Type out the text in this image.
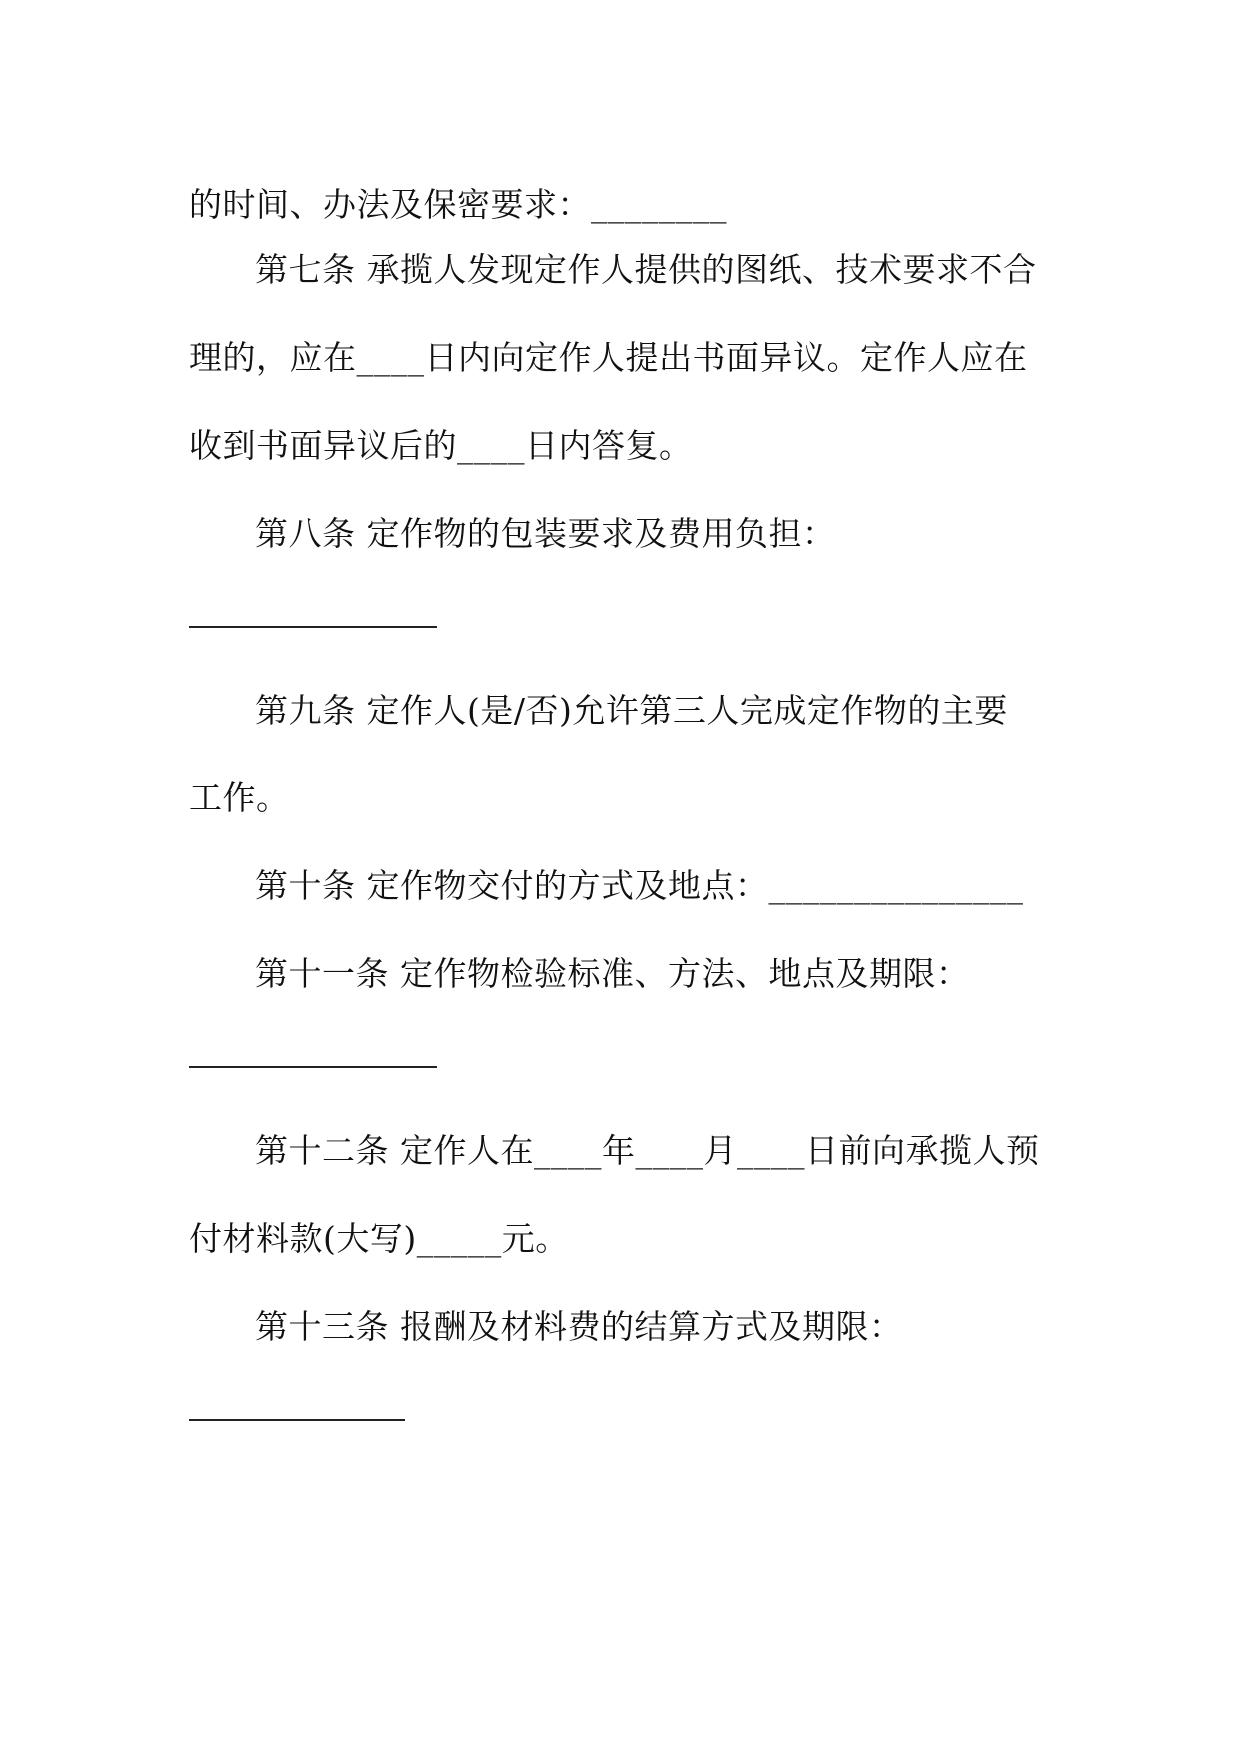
的时间、办法及保密要求：________
第七条 承揽人发现定作人提供的图纸、技术要求不合
理的，应在____日内向定作人提出书面异议。定作人应在
收到书面异议后的____日内答复。
第八条 定作物的包装要求及费用负担：
第九条 定作人(是/否)允许第三人完成定作物的主要
工作。
第十条 定作物交付的方式及地点：_______________
第十一条 定作物检验标准、方法、地点及期限：
第十二条 定作人在____年____月____日前向承揽人预
付材料款(大写)_____元。
第十三条 报酬及材料费的结算方式及期限：
